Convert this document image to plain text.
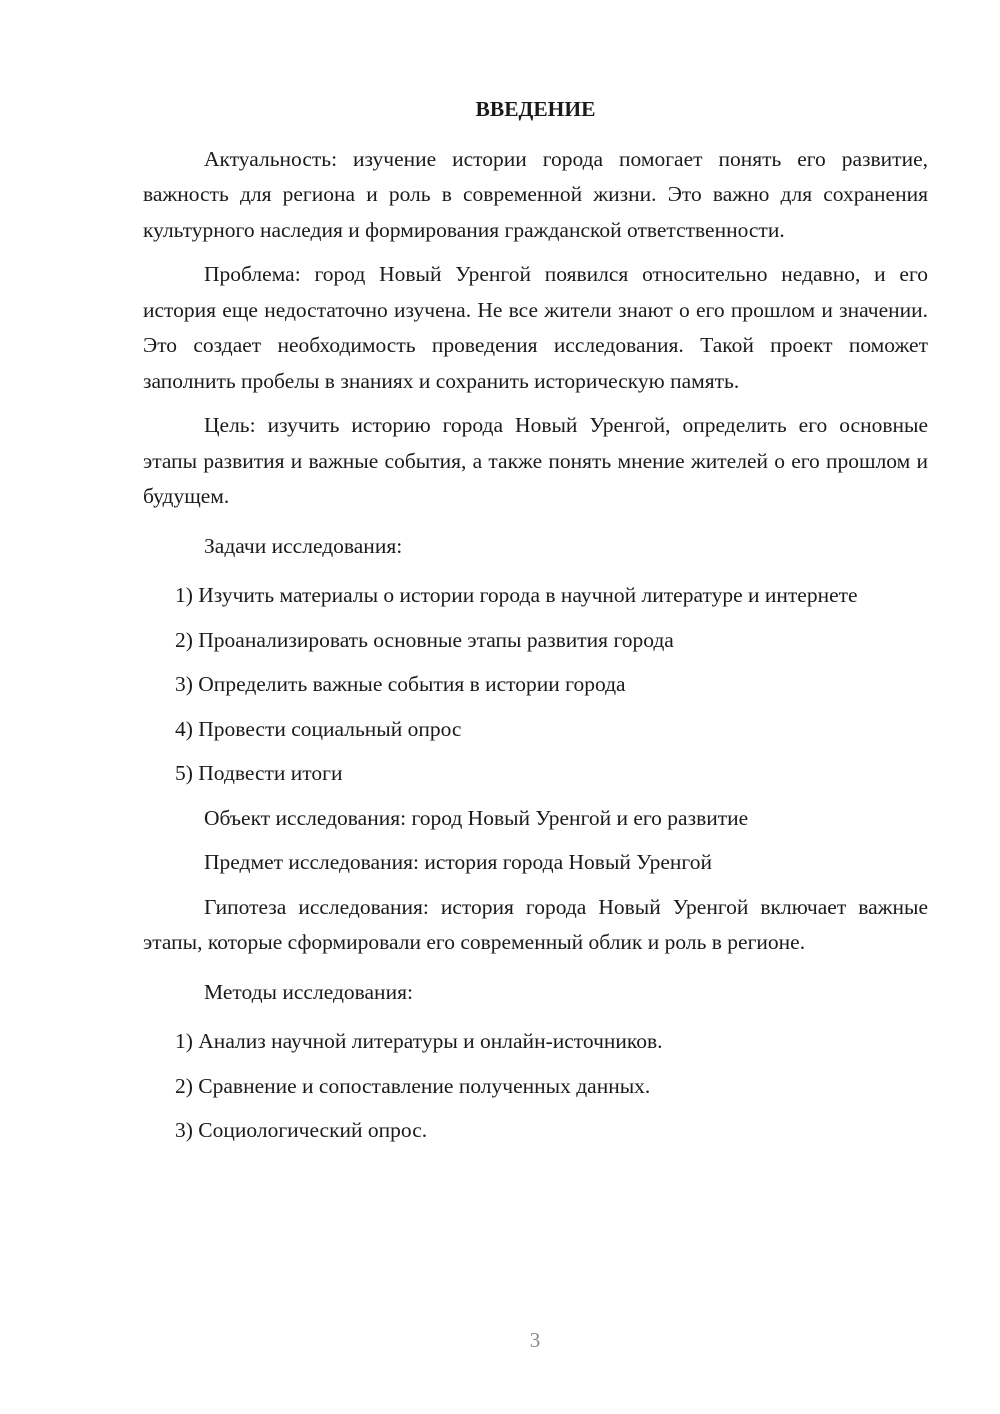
ВВЕДЕНИЕ

Актуальность: изучение истории города помогает понять его развитие, важность для региона и роль в современной жизни. Это важно для сохранения культурного наследия и формирования гражданской ответственности.

Проблема: город Новый Уренгой появился относительно недавно, и его история еще недостаточно изучена. Не все жители знают о его прошлом и значении. Это создает необходимость проведения исследования. Такой проект поможет заполнить пробелы в знаниях и сохранить историческую память.

Цель: изучить историю города Новый Уренгой, определить его основные этапы развития и важные события, а также понять мнение жителей о его прошлом и будущем.

Задачи исследования:

1) Изучить материалы о истории города в научной литературе и интернете

2) Проанализировать основные этапы развития города

3) Определить важные события в истории города

4) Провести социальный опрос

5) Подвести итоги

Объект исследования: город Новый Уренгой и его развитие

Предмет исследования: история города Новый Уренгой

Гипотеза исследования: история города Новый Уренгой включает важные этапы, которые сформировали его современный облик и роль в регионе.

Методы исследования:

1) Анализ научной литературы и онлайн-источников.

2) Сравнение и сопоставление полученных данных.

3) Социологический опрос.

3
